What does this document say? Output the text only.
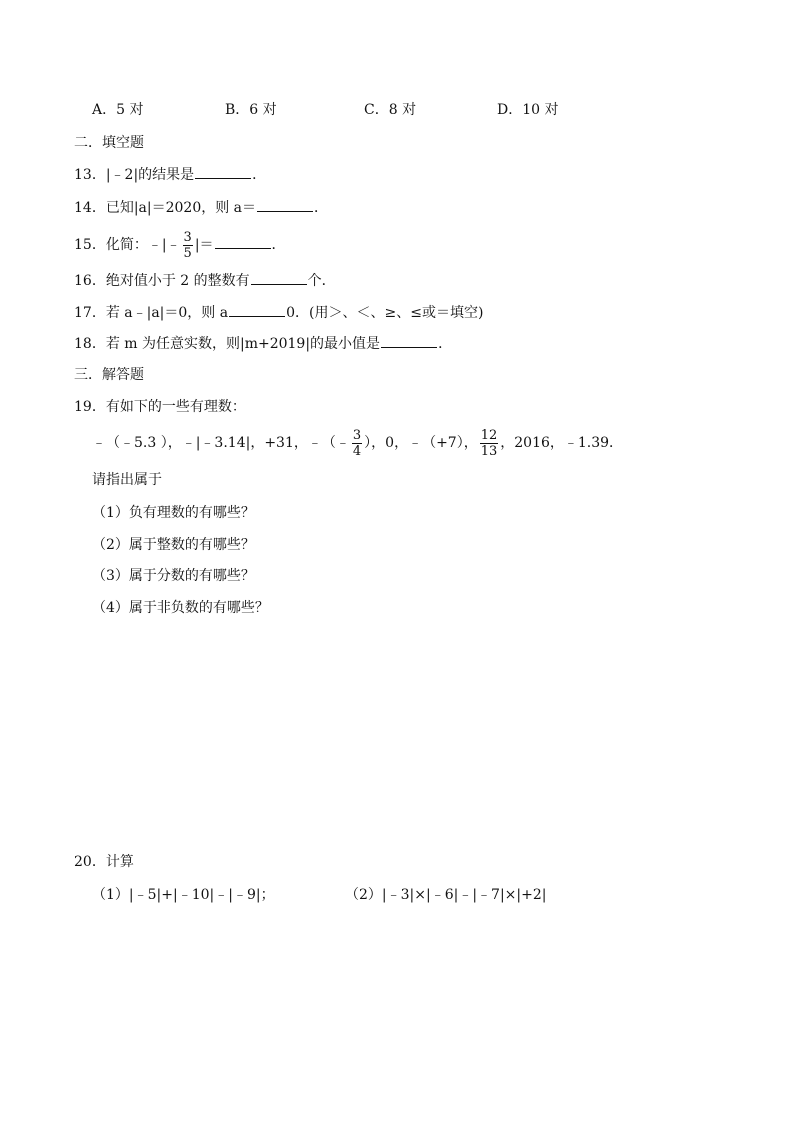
A．5 对	B．6 对	C．8 对	D．10 对
二．填空题
13．|﹣2|的结果是	．
14．已知|a|＝2020，则 a＝	．
15．化简：﹣|﹣ $\frac{3}{5}$ |＝	．
16．绝对值小于 2 的整数有	个．
17．若 a﹣|a|＝0，则 a	0．(用＞、＜、≥、≤或＝填空)
18．若 m 为任意实数，则|m+2019|的最小值是	．
三．解答题
19．有如下的一些有理数：
﹣（﹣5.3 ），﹣|﹣3.14|，+31，﹣（﹣ $\frac{3}{4}$ ），0，﹣（+7）， $\frac{12}{13}$ ，2016，﹣1.39．
请指出属于
（1）负有理数的有哪些？
（2）属于整数的有哪些？
（3）属于分数的有哪些？
（4）属于非负数的有哪些？
20．计算
（1）|﹣5|+|﹣10|﹣|﹣9|；	（2）|﹣3|×|﹣6|﹣|﹣7|×|+2|
